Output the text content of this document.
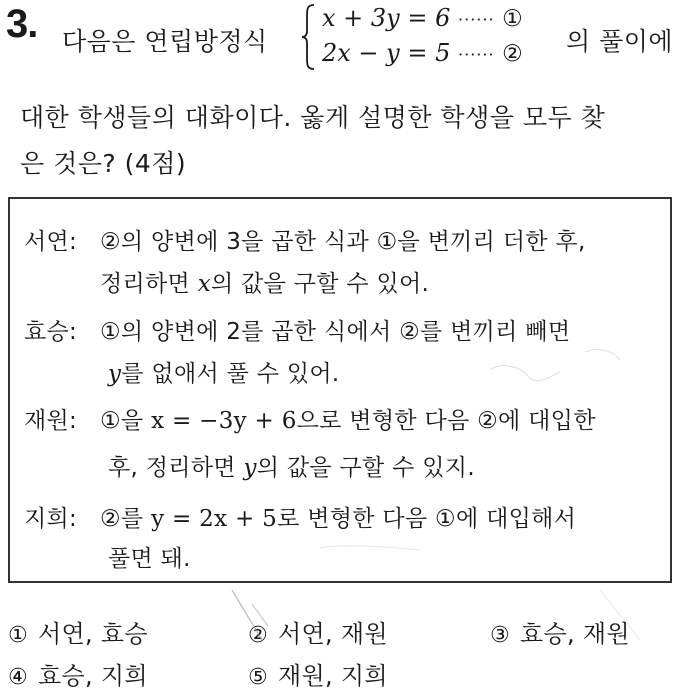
3. 다음은 연립방정식
x + 3y = 6 ······ ①
2x − y = 5 ······ ② 의 풀이에
대한 학생들의 대화이다. 옳게 설명한 학생을 모두 찾
은 것은? (4점)
서연: ②의 양변에 3을 곱한 식과 ①을 변끼리 더한 후,
정리하면 x의 값을 구할 수 있어.
효승: ①의 양변에 2를 곱한 식에서 ②를 변끼리 빼면
y를 없애서 풀 수 있어.
재원: ①을 x = −3y + 6으로 변형한 다음 ②에 대입한
후, 정리하면 y의 값을 구할 수 있지.
지희: ②를 y = 2x + 5로 변형한 다음 ①에 대입해서
풀면 돼.
① 서연, 효승	② 서연, 재원	③ 효승, 재원
④ 효승, 지희	⑤ 재원, 지희
